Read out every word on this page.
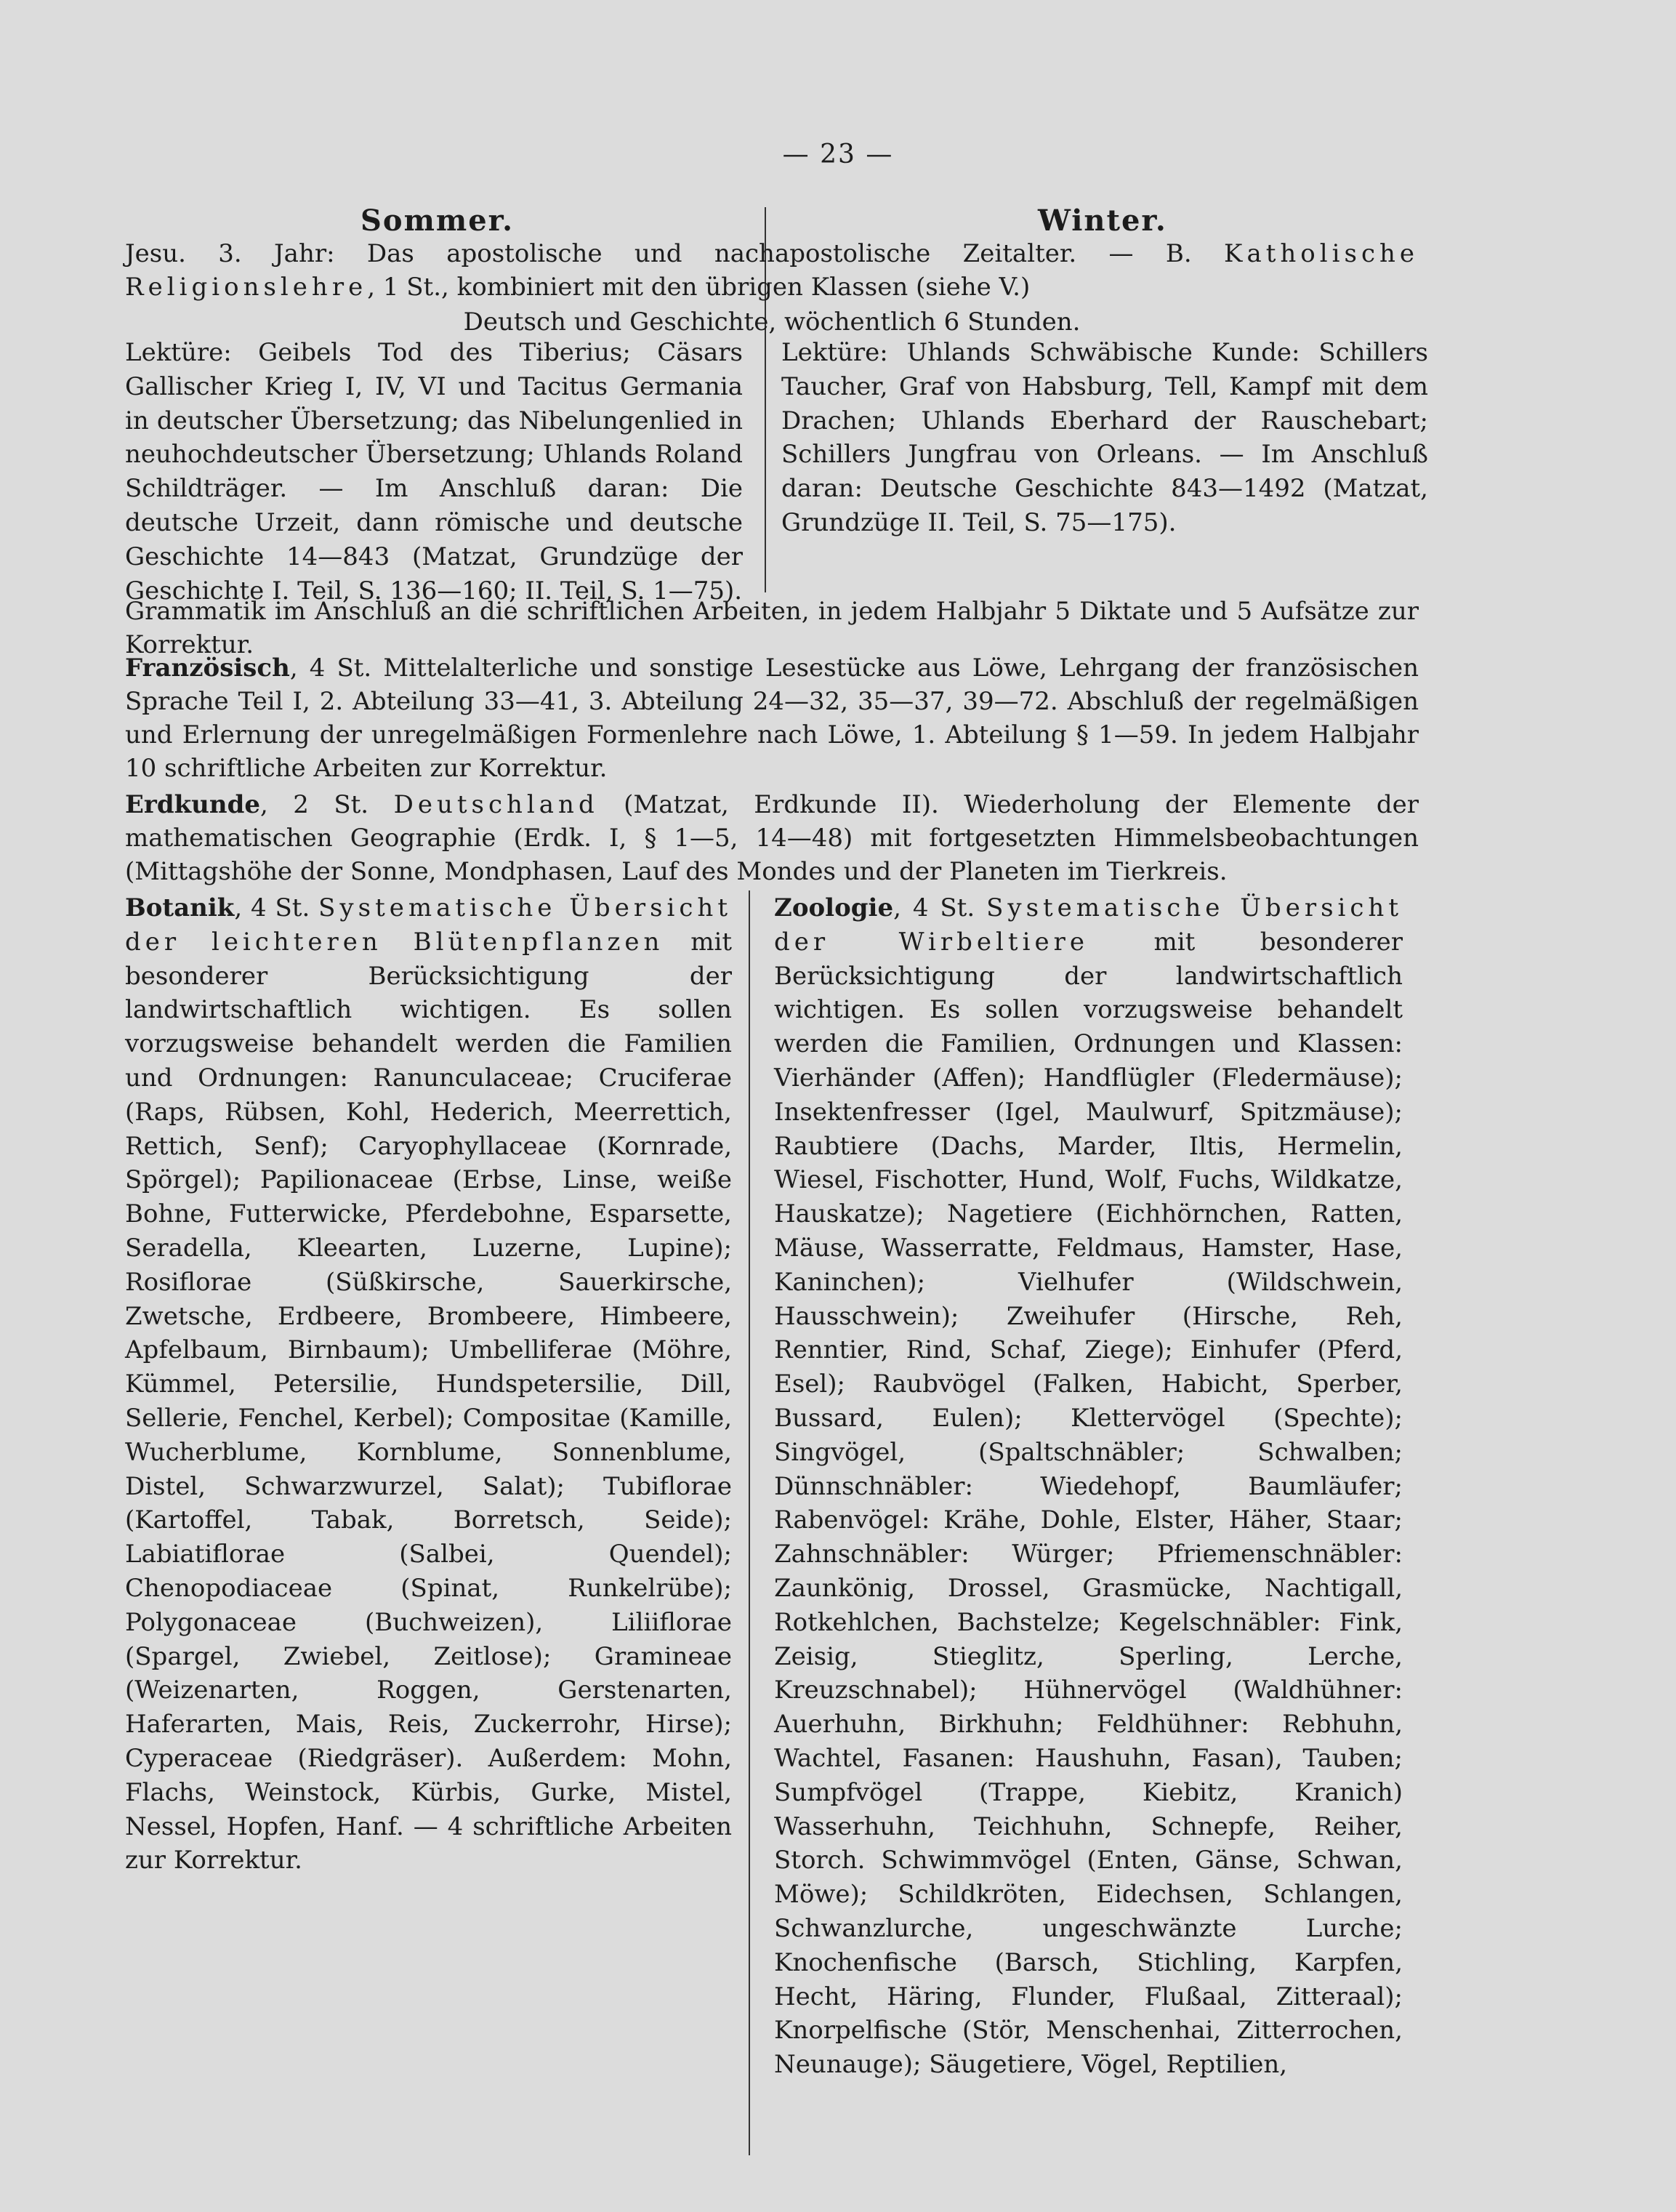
— 23 —
Sommer.	Winter.
Jesu. 3. Jahr: Das apostolische und nachapostolische Zeitalter. — B. Katholische Religionslehre, 1 St., kombiniert mit den übrigen Klassen (siehe V.)
Deutsch und Geschichte, wöchentlich 6 Stunden.
Lektüre: Geibels Tod des Tiberius; Cäsars Gallischer Krieg I, IV, VI und Tacitus Germania in deutscher Übersetzung; das Nibelungenlied in neuhochdeutscher Übersetzung; Uhlands Roland Schildträger. — Im Anschluß daran: Die deutsche Urzeit, dann römische und deutsche Geschichte 14—843 (Matzat, Grundzüge der Geschichte I. Teil, S. 136—160; II. Teil, S. 1—75).
Lektüre: Uhlands Schwäbische Kunde: Schillers Taucher, Graf von Habsburg, Tell, Kampf mit dem Drachen; Uhlands Eberhard der Rauschebart; Schillers Jungfrau von Orleans. — Im Anschluß daran: Deutsche Geschichte 843—1492 (Matzat, Grundzüge II. Teil, S. 75—175).
Grammatik im Anschluß an die schriftlichen Arbeiten, in jedem Halbjahr 5 Diktate und 5 Aufsätze zur Korrektur.
Französisch, 4 St. Mittelalterliche und sonstige Lesestücke aus Löwe, Lehrgang der französischen Sprache Teil I, 2. Abteilung 33—41, 3. Abteilung 24—32, 35—37, 39—72. Abschluß der regelmäßigen und Erlernung der unregelmäßigen Formenlehre nach Löwe, 1. Abteilung § 1—59. In jedem Halbjahr 10 schriftliche Arbeiten zur Korrektur.
Erdkunde, 2 St. Deutschland (Matzat, Erdkunde II). Wiederholung der Elemente der mathematischen Geographie (Erdk. I, § 1—5, 14—48) mit fortgesetzten Himmelsbeobachtungen (Mittagshöhe der Sonne, Mondphasen, Lauf des Mondes und der Planeten im Tierkreis.
Botanik, 4 St. Systematische Übersicht der leichteren Blütenpflanzen mit besonderer Berücksichtigung der landwirtschaftlich wichtigen. Es sollen vorzugsweise behandelt werden die Familien und Ordnungen: Ranunculaceae; Cruciferae (Raps, Rübsen, Kohl, Hederich, Meerrettich, Rettich, Senf); Caryophyllaceae (Kornrade, Spörgel); Papilionaceae (Erbse, Linse, weiße Bohne, Futterwicke, Pferdebohne, Esparsette, Seradella, Kleearten, Luzerne, Lupine); Rosiflorae (Süßkirsche, Sauerkirsche, Zwetsche, Erdbeere, Brombeere, Himbeere, Apfelbaum, Birnbaum); Umbelliferae (Möhre, Kümmel, Petersilie, Hundspetersilie, Dill, Sellerie, Fenchel, Kerbel); Compositae (Kamille, Wucherblume, Kornblume, Sonnenblume, Distel, Schwarzwurzel, Salat); Tubiflorae (Kartoffel, Tabak, Borretsch, Seide); Labiatiflorae (Salbei, Quendel); Chenopodiaceae (Spinat, Runkelrübe); Polygonaceae (Buchweizen), Liliiflorae (Spargel, Zwiebel, Zeitlose); Gramineae (Weizenarten, Roggen, Gerstenarten, Haferarten, Mais, Reis, Zuckerrohr, Hirse); Cyperaceae (Riedgräser). Außerdem: Mohn, Flachs, Weinstock, Kürbis, Gurke, Mistel, Nessel, Hopfen, Hanf. — 4 schriftliche Arbeiten zur Korrektur.
Zoologie, 4 St. Systematische Übersicht der Wirbeltiere mit besonderer Berücksichtigung der landwirtschaftlich wichtigen. Es sollen vorzugsweise behandelt werden die Familien, Ordnungen und Klassen: Vierhänder (Affen); Handflügler (Fledermäuse); Insektenfresser (Igel, Maulwurf, Spitzmäuse); Raubtiere (Dachs, Marder, Iltis, Hermelin, Wiesel, Fischotter, Hund, Wolf, Fuchs, Wildkatze, Hauskatze); Nagetiere (Eichhörnchen, Ratten, Mäuse, Wasserratte, Feldmaus, Hamster, Hase, Kaninchen); Vielhufer (Wildschwein, Hausschwein); Zweihufer (Hirsche, Reh, Renntier, Rind, Schaf, Ziege); Einhufer (Pferd, Esel); Raubvögel (Falken, Habicht, Sperber, Bussard, Eulen); Klettervögel (Spechte); Singvögel, (Spaltschnäbler; Schwalben; Dünnschnäbler: Wiedehopf, Baumläufer; Rabenvögel: Krähe, Dohle, Elster, Häher, Staar; Zahnschnäbler: Würger; Pfriemenschnäbler: Zaunkönig, Drossel, Grasmücke, Nachtigall, Rotkehlchen, Bachstelze; Kegelschnäbler: Fink, Zeisig, Stieglitz, Sperling, Lerche, Kreuzschnabel); Hühnervögel (Waldhühner: Auerhuhn, Birkhuhn; Feldhühner: Rebhuhn, Wachtel, Fasanen: Haushuhn, Fasan), Tauben; Sumpfvögel (Trappe, Kiebitz, Kranich) Wasserhuhn, Teichhuhn, Schnepfe, Reiher, Storch. Schwimmvögel (Enten, Gänse, Schwan, Möwe); Schildkröten, Eidechsen, Schlangen, Schwanzlurche, ungeschwänzte Lurche; Knochenfische (Barsch, Stichling, Karpfen, Hecht, Häring, Flunder, Flußaal, Zitteraal); Knorpelfische (Stör, Menschenhai, Zitterrochen, Neunauge); Säugetiere, Vögel, Reptilien,
